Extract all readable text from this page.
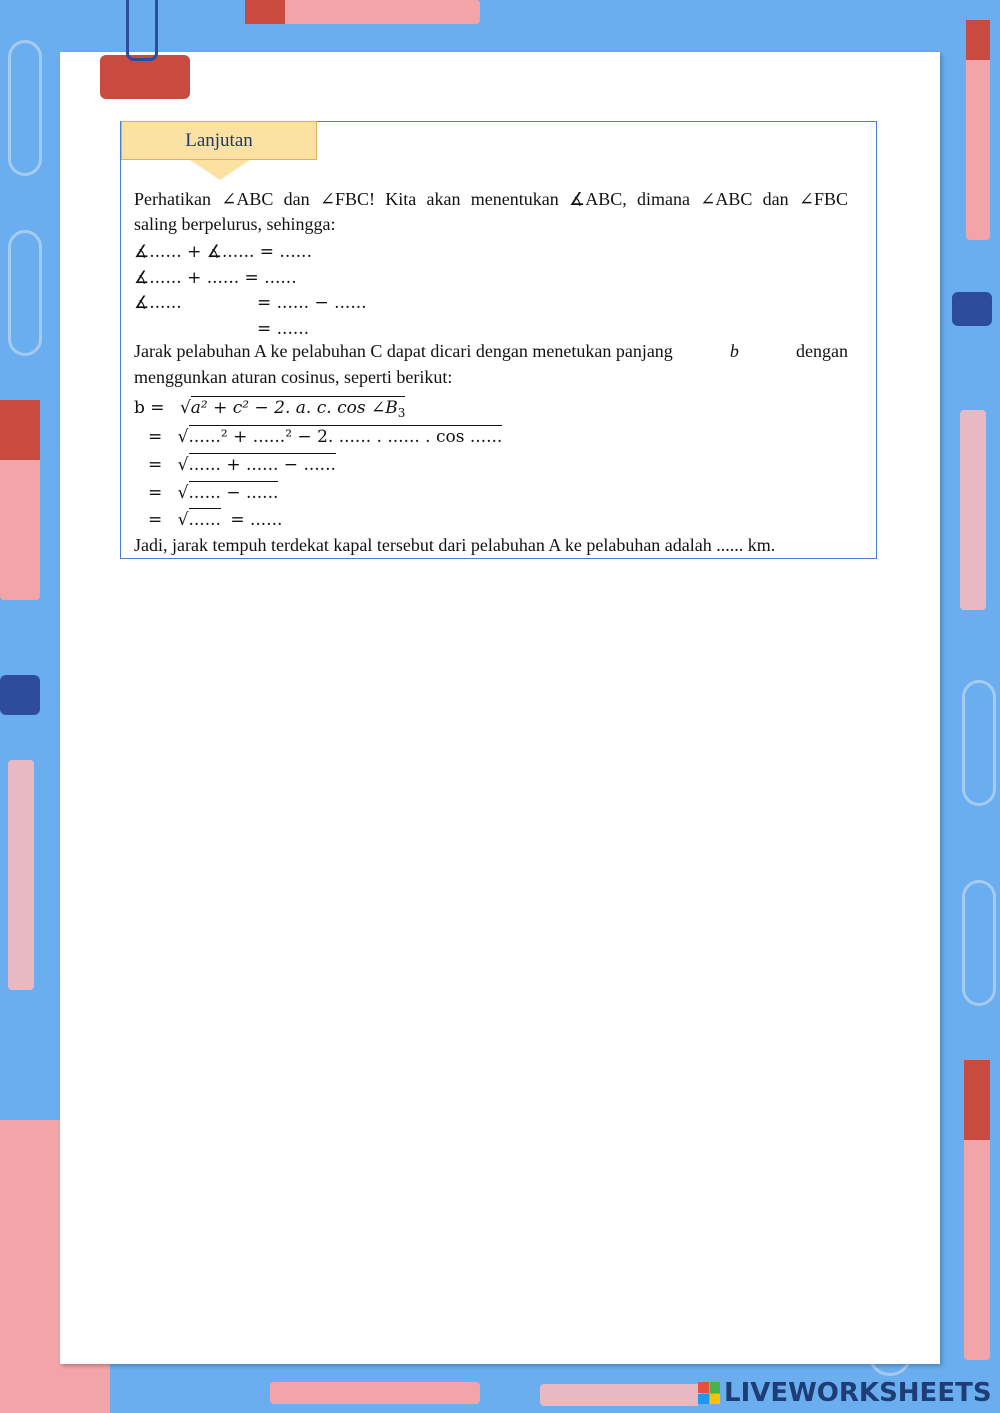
Lanjutan
Perhatikan ∠ABC dan ∠FBC! Kita akan menentukan ∡ABC, dimana ∠ABC dan ∠FBC
saling berpelurus, sehingga:
∡...... + ∡...... = ......
∡...... + ...... = ......
∡......	= ...... − ......
= ......
Jarak pelabuhan A ke pelabuhan C dapat dicari dengan menetukan panjang	b	dengan
menggunkan aturan cosinus, seperti berikut:
b = √a² + c² − 2. a. c. $\cos \angle B_3$
= √......² + ......² − 2. ...... . ...... . cos ......
= √...... + ...... − ......
= √...... − ......
= √...... = ......
Jadi, jarak tempuh terdekat kapal tersebut dari pelabuhan A ke pelabuhan adalah ...... km.
LIVEWORKSHEETS
